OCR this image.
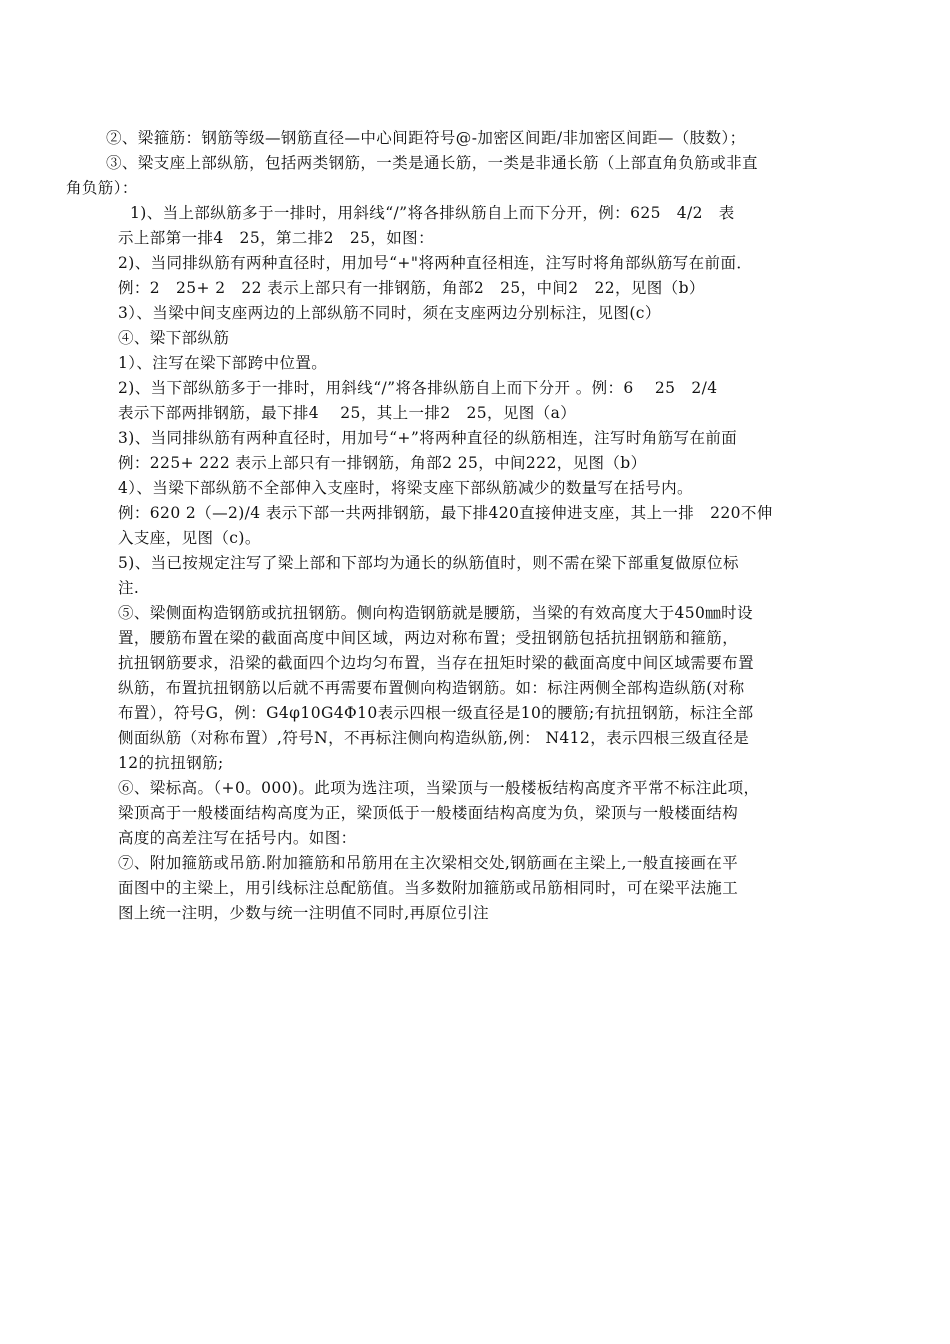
②、梁箍筋：钢筋等级—钢筋直径—中心间距符号@-加密区间距/非加密区间距—（肢数）；
③、梁支座上部纵筋，包括两类钢筋，一类是通长筋，一类是非通长筋（上部直角负筋或非直
角负筋）：
1)、当上部纵筋多于一排时，用斜线“/”将各排纵筋自上而下分开，例：625　4/2　表
示上部第一排4　25，第二排2　25，如图：
2)、当同排纵筋有两种直径时，用加号“+"将两种直径相连，注写时将角部纵筋写在前面．
例：2　25+ 2　22 表示上部只有一排钢筋，角部2　25，中间2　22，见图（b）
3）、当梁中间支座两边的上部纵筋不同时，须在支座两边分别标注，见图(c）
④、梁下部纵筋
1）、注写在梁下部跨中位置。
2)、当下部纵筋多于一排时，用斜线“/”将各排纵筋自上而下分开 。例：6　 25　2/4
表示下部两排钢筋，最下排4　 25，其上一排2　25，见图（a）
3)、当同排纵筋有两种直径时，用加号“+”将两种直径的纵筋相连，注写时角筋写在前面
例：225+ 222 表示上部只有一排钢筋，角部2 25，中间222，见图（b）
4）、当梁下部纵筋不全部伸入支座时，将梁支座下部纵筋减少的数量写在括号内。
例：620 2（—2)/4 表示下部一共两排钢筋，最下排420直接伸进支座，其上一排　220不伸
入支座，见图（c)。
5)、当已按规定注写了梁上部和下部均为通长的纵筋值时，则不需在梁下部重复做原位标
注.
⑤、梁侧面构造钢筋或抗扭钢筋。侧向构造钢筋就是腰筋，当梁的有效高度大于450㎜时设
置，腰筋布置在梁的截面高度中间区域，两边对称布置；受扭钢筋包括抗扭钢筋和箍筋，
抗扭钢筋要求，沿梁的截面四个边均匀布置，当存在扭矩时梁的截面高度中间区域需要布置
纵筋，布置抗扭钢筋以后就不再需要布置侧向构造钢筋。如：标注两侧全部构造纵筋(对称
布置），符号G，例：G4φ10G4Φ10表示四根一级直径是10的腰筋;有抗扭钢筋，标注全部
侧面纵筋（对称布置）,符号N，不再标注侧向构造纵筋,例： N412，表示四根三级直径是
12的抗扭钢筋;
⑥、梁标高。（+0。000)。此项为选注项，当梁顶与一般楼板结构高度齐平常不标注此项，
梁顶高于一般楼面结构高度为正，梁顶低于一般楼面结构高度为负，梁顶与一般楼面结构
高度的高差注写在括号内。如图：
⑦、附加箍筋或吊筋.附加箍筋和吊筋用在主次梁相交处,钢筋画在主梁上,一般直接画在平
面图中的主梁上，用引线标注总配筋值。当多数附加箍筋或吊筋相同时，可在梁平法施工
图上统一注明，少数与统一注明值不同时,再原位引注
